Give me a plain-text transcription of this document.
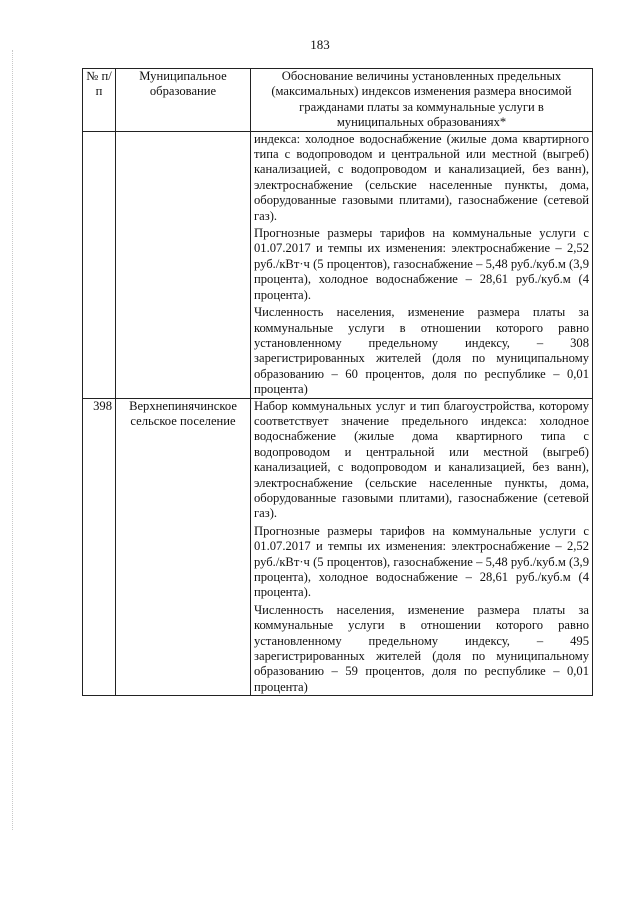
183
№ п/п	Муниципальное образование	Обоснование величины установленных предельных (максимальных) индексов изменения размера вносимой гражданами платы за коммунальные услуги в муниципальных образованиях*

		индекса: холодное водоснабжение (жилые дома квартирного типа с водопроводом и центральной или местной (выгреб) канализацией, с водопроводом и канализацией, без ванн), электроснабжение (сельские населенные пункты, дома, оборудованные газовыми плитами), газоснабжение (сетевой газ).

Прогнозные размеры тарифов на коммунальные услуги с 01.07.2017 и темпы их изменения: электроснабжение – 2,52 руб./кВт·ч (5 процентов), газоснабжение – 5,48 руб./куб.м (3,9 процента), холодное водоснабжение – 28,61 руб./куб.м (4 процента).

Численность населения, изменение размера платы за коммунальные услуги в отношении которого равно установленному предельному индексу, – 308 зарегистрированных жителей (доля по муниципальному образованию – 60 процентов, доля по республике – 0,01 процента)

398	Верхнепинячинское сельское поселение	Набор коммунальных услуг и тип благоустройства, которому соответствует значение предельного индекса: холодное водоснабжение (жилые дома квартирного типа с водопроводом и центральной или местной (выгреб) канализацией, с водопроводом и канализацией, без ванн), электроснабжение (сельские населенные пункты, дома, оборудованные газовыми плитами), газоснабжение (сетевой газ).

Прогнозные размеры тарифов на коммунальные услуги с 01.07.2017 и темпы их изменения: электроснабжение – 2,52 руб./кВт·ч (5 процентов), газоснабжение – 5,48 руб./куб.м (3,9 процента), холодное водоснабжение – 28,61 руб./куб.м (4 процента).

Численность населения, изменение размера платы за коммунальные услуги в отношении которого равно установленному предельному индексу, – 495 зарегистрированных жителей (доля по муниципальному образованию – 59 процентов, доля по республике – 0,01 процента)
